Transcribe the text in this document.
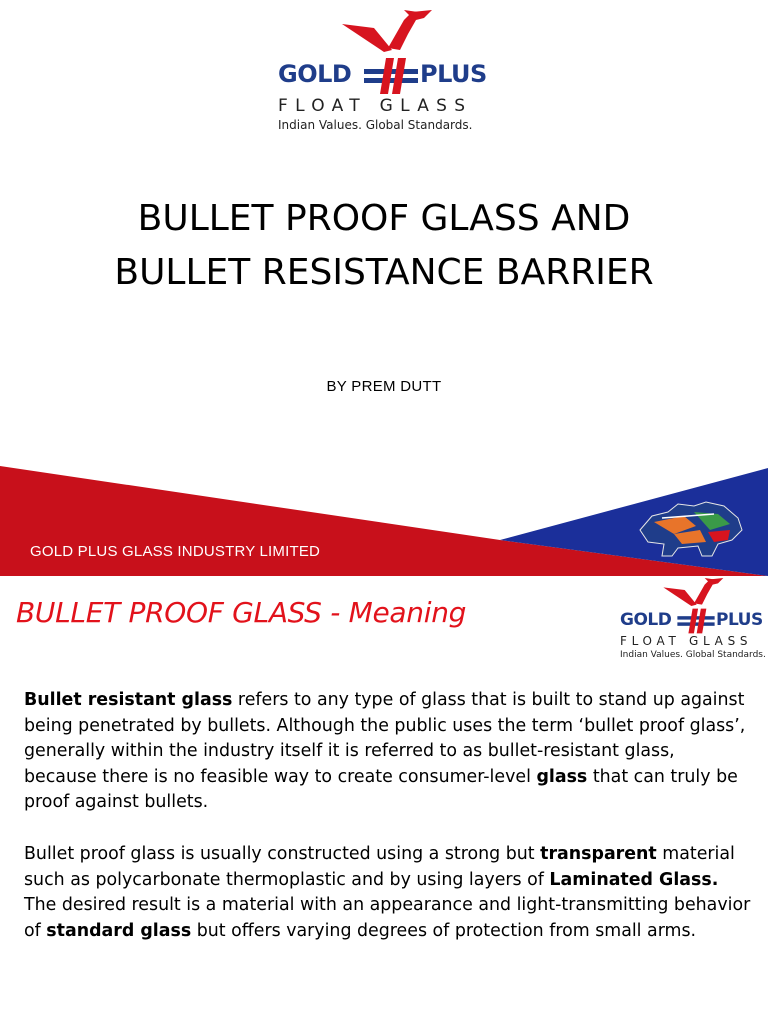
GOLD	PLUS
FLOAT GLASS
Indian Values. Global Standards.
BULLET PROOF GLASS AND
BULLET RESISTANCE BARRIER
BY PREM DUTT
GOLD PLUS GLASS INDUSTRY LIMITED
BULLET PROOF GLASS - Meaning	GOLD	PLUS
FLOAT GLASS
Indian Values. Global Standards.

Bullet resistant glass refers to any type of glass that is built to stand up against being penetrated by bullets. Although the public uses the term ‘bullet proof glass’, generally within the industry itself it is referred to as bullet-resistant glass, because there is no feasible way to create consumer-level glass that can truly be proof against bullets.

Bullet proof glass is usually constructed using a strong but transparent material such as polycarbonate thermoplastic and by using layers of Laminated Glass. The desired result is a material with an appearance and light-transmitting behavior of standard glass but offers varying degrees of protection from small arms.
